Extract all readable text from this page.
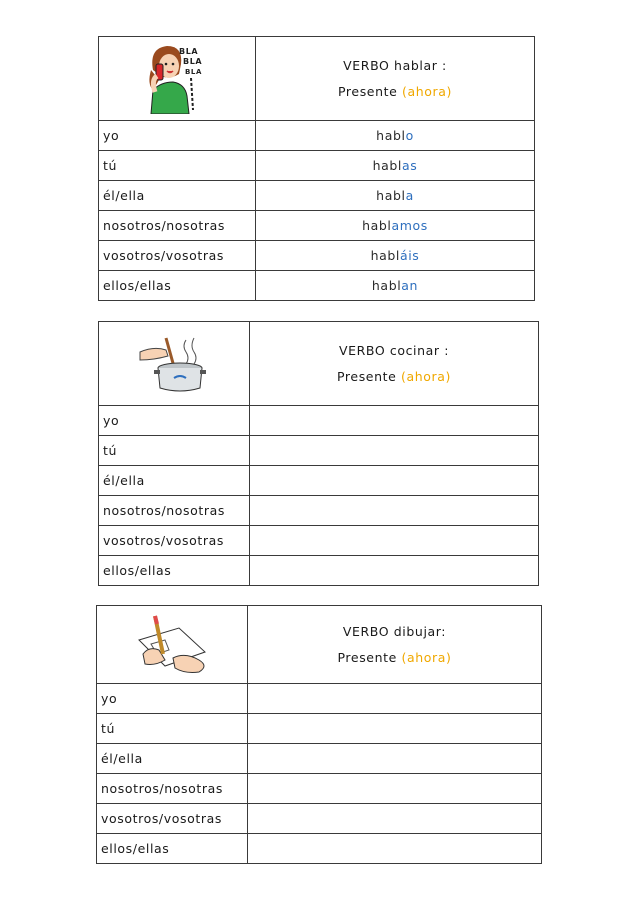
BLA
BLA
BLA	VERBO hablar :
Presente (ahora)

yo	hablo
tú	hablas
él/ella	habla
nosotros/nosotras	hablamos
vosotros/vosotras	habláis
ellos/ellas	hablan

VERBO cocinar :
Presente (ahora)

yo	
tú	
él/ella	
nosotros/nosotras	
vosotros/vosotras	
ellos/ellas	

VERBO dibujar:
Presente (ahora)

yo	
tú	
él/ella	
nosotros/nosotras	
vosotros/vosotras	
ellos/ellas	
